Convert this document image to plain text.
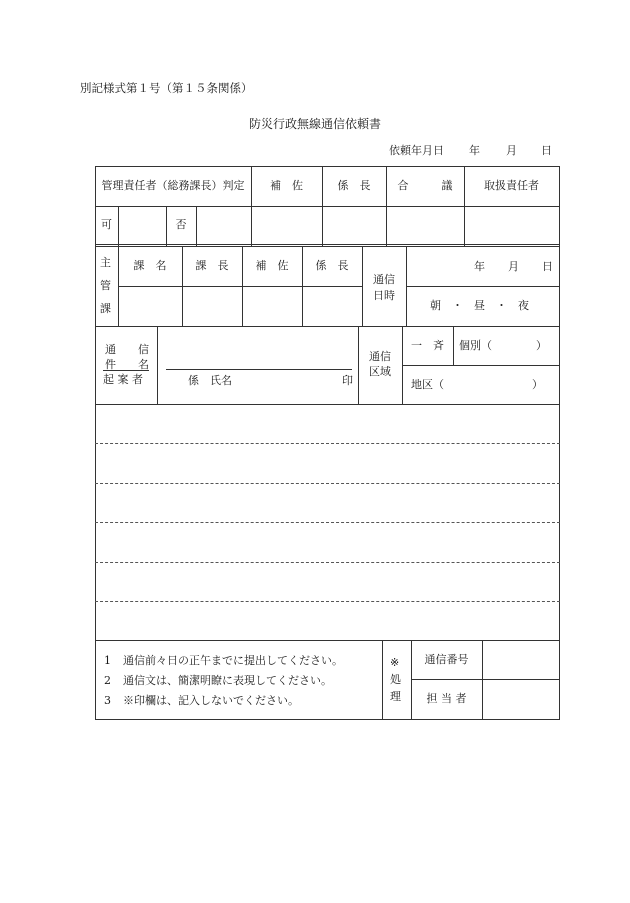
別記様式第１号（第１５条関係）
防災行政無線通信依頼書
依頼年月日 年 月 日
管理責任者（総務課長）判定	補　佐	係　長	合　　　議	取扱責任者
可	否
主
管
課
課　名	課　長	補　佐	係　長
通信
日時
年 月 日
朝　・　昼　・　夜
通　　信
件　　名
起 案 者	係　氏名	印
通信
区域
一　斉	個別（　　　　）
地区（　　　　　　　　）
1 通信前々日の正午までに提出してください。
2 通信文は、簡潔明瞭に表現してください。
3 ※印欄は、記入しないでください。
※
処
理
通信番号
担 当 者
